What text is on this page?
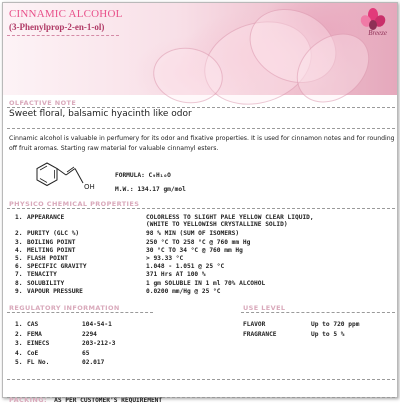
CINNAMIC ALCOHOL
(3-Phenylprop-2-en-1-ol)
Breeze
OLFACTIVE NOTE
Sweet floral, balsamic hyacinth like odor
Cinnamic alcohol is valuable in perfumery for its odor and fixative properties. It is used for cinnamon notes and for rounding off fruit aromas. Starting raw material for valuable cinnamyl esters.
OH
FORMULA: C₉H₁₀O
M.W.: 134.17 gm/mol
PHYSICO CHEMICAL PROPERTIES
1. APPEARANCE	COLORLESS TO SLIGHT PALE YELLOW CLEAR LIQUID,
(WHITE TO YELLOWISH CRYSTALLINE SOLID)
2. PURITY (GLC %)	98 % MIN (SUM OF ISOMERS)
3. BOILING POINT	250 °C TO 258 °C @ 760 mm Hg
4. MELTING POINT	30 °C TO 34 °C @ 760 mm Hg
5. FLASH POINT	> 93.33 °C
6. SPECIFIC GRAVITY	1.048 - 1.051 @ 25 °C
7. TENACITY	371 Hrs AT 100 %
8. SOLUBILITY	1 gm SOLUBLE IN 1 ml 70% ALCOHOL
9. VAPOUR PRESSURE	0.0200 mm/Hg @ 25 °C
REGULATORY INFORMATION	USE LEVEL
1. CAS	104-54-1
2. FEMA	2294
3. EINECS	203-212-3
4. CoE	65
5. FL No.	02.017
FLAVOR	Up to 720 ppm
FRAGRANCE	Up to 5 %
PACKING: AS PER CUSTOMER'S REQUIREMENT
